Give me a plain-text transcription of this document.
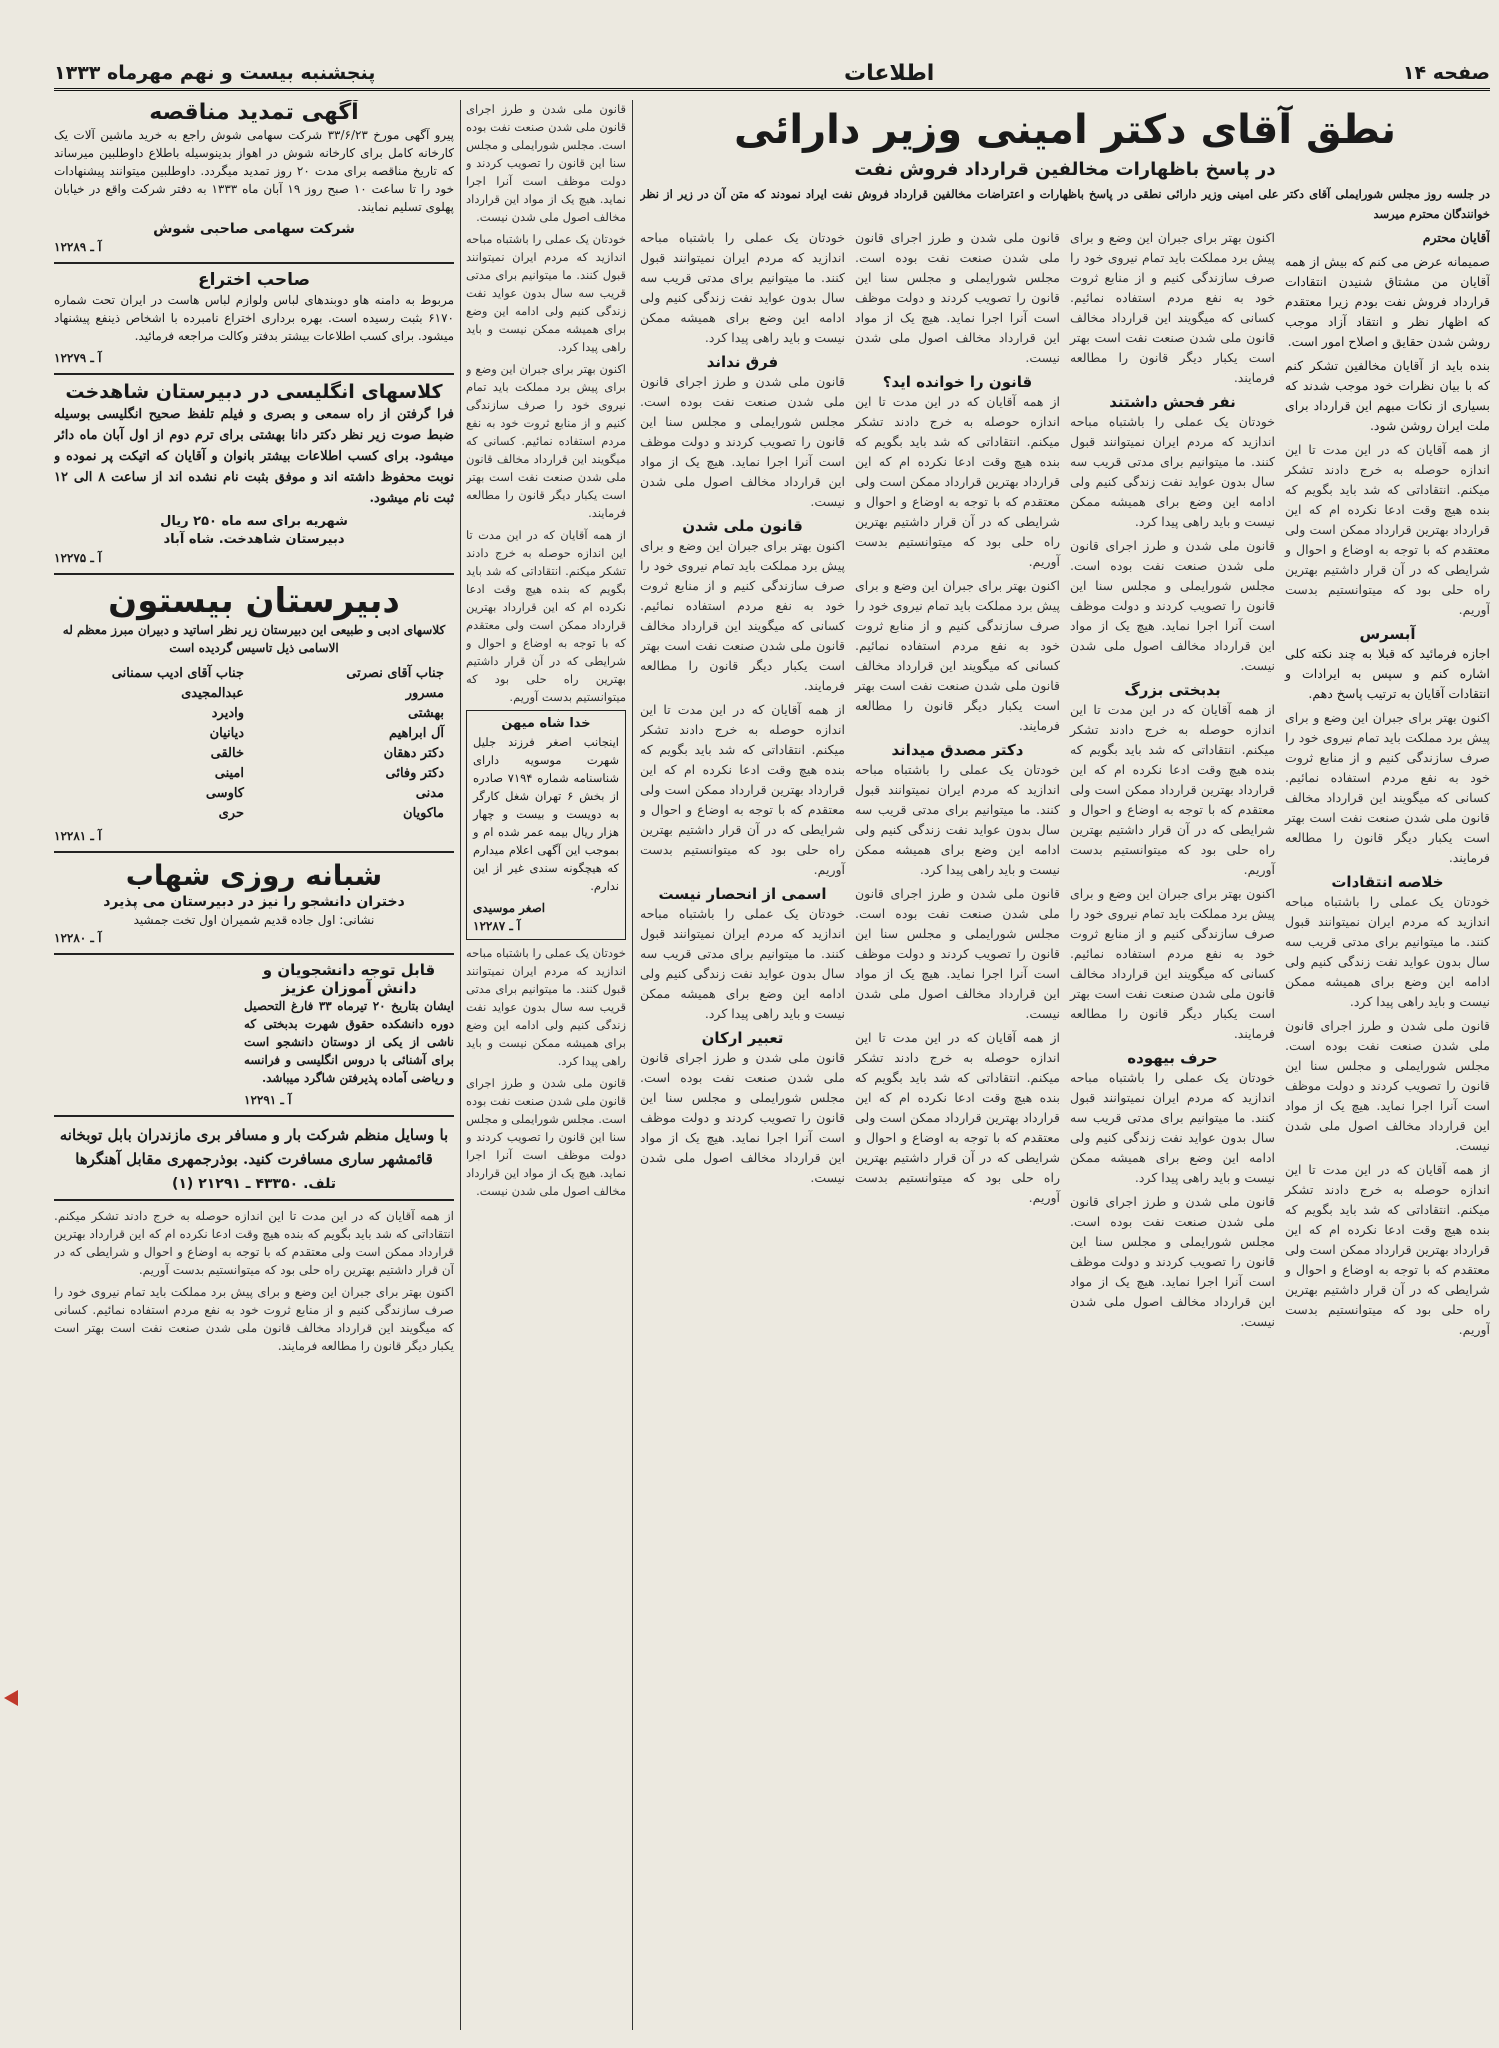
صفحه ۱۴
اطلاعات
پنجشنبه بیست و نهم مهرماه ۱۳۳۳
نطق آقای دکتر امینی وزیر دارائی
در پاسخ باظهارات مخالفین قرارداد فروش نفت

در جلسه روز مجلس شورایملی آقای دکتر علی امینی وزیر دارائی نطقی در پاسخ باظهارات و اعتراضات مخالفین قرارداد فروش نفت ایراد نمودند که متن آن در زیر از نظر خوانندگان محترم میرسد

آقایان محترم

صمیمانه عرض می کنم که بیش از همه آقایان من مشتاق شنیدن انتقادات قرارداد فروش نفت بودم زیرا معتقدم که اظهار نظر و انتقاد آزاد موجب روشن شدن حقایق و اصلاح امور است.

بنده باید از آقایان مخالفین تشکر کنم که با بیان نظرات خود موجب شدند که بسیاری از نکات مبهم این قرارداد برای ملت ایران روشن شود.

از همه آقایان که در این مدت تا این اندازه حوصله به خرج دادند تشکر میکنم. انتقاداتی که شد باید بگویم که بنده هیچ وقت ادعا نکرده ام که این قرارداد بهترین قرارداد ممکن است ولی معتقدم که با توجه به اوضاع و احوال و شرایطی که در آن قرار داشتیم بهترین راه حلی بود که میتوانستیم بدست آوریم.

آبسرس

اجازه فرمائید که قبلا به چند نکته کلی اشاره کنم و سپس به ایرادات و انتقادات آقایان به ترتیب پاسخ دهم.

اکنون بهتر برای جبران این وضع و برای پیش برد مملکت باید تمام نیروی خود را صرف سازندگی کنیم و از منابع ثروت خود به نفع مردم استفاده نمائیم. کسانی که میگویند این قرارداد مخالف قانون ملی شدن صنعت نفت است بهتر است یکبار دیگر قانون را مطالعه فرمایند.

خلاصه انتقادات

خودتان یک عملی را باشتباه مباحه اندازید که مردم ایران نمیتوانند قبول کنند. ما میتوانیم برای مدتی قریب سه سال بدون عواید نفت زندگی کنیم ولی ادامه این وضع برای همیشه ممکن نیست و باید راهی پیدا کرد.

قانون ملی شدن و طرز اجرای قانون ملی شدن صنعت نفت بوده است. مجلس شورایملی و مجلس سنا این قانون را تصویب کردند و دولت موظف است آنرا اجرا نماید. هیچ یک از مواد این قرارداد مخالف اصول ملی شدن نیست.

از همه آقایان که در این مدت تا این اندازه حوصله به خرج دادند تشکر میکنم. انتقاداتی که شد باید بگویم که بنده هیچ وقت ادعا نکرده ام که این قرارداد بهترین قرارداد ممکن است ولی معتقدم که با توجه به اوضاع و احوال و شرایطی که در آن قرار داشتیم بهترین راه حلی بود که میتوانستیم بدست آوریم.

اکنون بهتر برای جبران این وضع و برای پیش برد مملکت باید تمام نیروی خود را صرف سازندگی کنیم و از منابع ثروت خود به نفع مردم استفاده نمائیم. کسانی که میگویند این قرارداد مخالف قانون ملی شدن صنعت نفت است بهتر است یکبار دیگر قانون را مطالعه فرمایند.

نفر فحش داشتند

خودتان یک عملی را باشتباه مباحه اندازید که مردم ایران نمیتوانند قبول کنند. ما میتوانیم برای مدتی قریب سه سال بدون عواید نفت زندگی کنیم ولی ادامه این وضع برای همیشه ممکن نیست و باید راهی پیدا کرد.

قانون ملی شدن و طرز اجرای قانون ملی شدن صنعت نفت بوده است. مجلس شورایملی و مجلس سنا این قانون را تصویب کردند و دولت موظف است آنرا اجرا نماید. هیچ یک از مواد این قرارداد مخالف اصول ملی شدن نیست.

بدبختی بزرگ

از همه آقایان که در این مدت تا این اندازه حوصله به خرج دادند تشکر میکنم. انتقاداتی که شد باید بگویم که بنده هیچ وقت ادعا نکرده ام که این قرارداد بهترین قرارداد ممکن است ولی معتقدم که با توجه به اوضاع و احوال و شرایطی که در آن قرار داشتیم بهترین راه حلی بود که میتوانستیم بدست آوریم.

اکنون بهتر برای جبران این وضع و برای پیش برد مملکت باید تمام نیروی خود را صرف سازندگی کنیم و از منابع ثروت خود به نفع مردم استفاده نمائیم. کسانی که میگویند این قرارداد مخالف قانون ملی شدن صنعت نفت است بهتر است یکبار دیگر قانون را مطالعه فرمایند.

حرف بیهوده

خودتان یک عملی را باشتباه مباحه اندازید که مردم ایران نمیتوانند قبول کنند. ما میتوانیم برای مدتی قریب سه سال بدون عواید نفت زندگی کنیم ولی ادامه این وضع برای همیشه ممکن نیست و باید راهی پیدا کرد.

قانون ملی شدن و طرز اجرای قانون ملی شدن صنعت نفت بوده است. مجلس شورایملی و مجلس سنا این قانون را تصویب کردند و دولت موظف است آنرا اجرا نماید. هیچ یک از مواد این قرارداد مخالف اصول ملی شدن نیست.

قانون ملی شدن و طرز اجرای قانون ملی شدن صنعت نفت بوده است. مجلس شورایملی و مجلس سنا این قانون را تصویب کردند و دولت موظف است آنرا اجرا نماید. هیچ یک از مواد این قرارداد مخالف اصول ملی شدن نیست.

قانون را خوانده اید؟

از همه آقایان که در این مدت تا این اندازه حوصله به خرج دادند تشکر میکنم. انتقاداتی که شد باید بگویم که بنده هیچ وقت ادعا نکرده ام که این قرارداد بهترین قرارداد ممکن است ولی معتقدم که با توجه به اوضاع و احوال و شرایطی که در آن قرار داشتیم بهترین راه حلی بود که میتوانستیم بدست آوریم.

اکنون بهتر برای جبران این وضع و برای پیش برد مملکت باید تمام نیروی خود را صرف سازندگی کنیم و از منابع ثروت خود به نفع مردم استفاده نمائیم. کسانی که میگویند این قرارداد مخالف قانون ملی شدن صنعت نفت است بهتر است یکبار دیگر قانون را مطالعه فرمایند.

دکتر مصدق میداند

خودتان یک عملی را باشتباه مباحه اندازید که مردم ایران نمیتوانند قبول کنند. ما میتوانیم برای مدتی قریب سه سال بدون عواید نفت زندگی کنیم ولی ادامه این وضع برای همیشه ممکن نیست و باید راهی پیدا کرد.

قانون ملی شدن و طرز اجرای قانون ملی شدن صنعت نفت بوده است. مجلس شورایملی و مجلس سنا این قانون را تصویب کردند و دولت موظف است آنرا اجرا نماید. هیچ یک از مواد این قرارداد مخالف اصول ملی شدن نیست.

از همه آقایان که در این مدت تا این اندازه حوصله به خرج دادند تشکر میکنم. انتقاداتی که شد باید بگویم که بنده هیچ وقت ادعا نکرده ام که این قرارداد بهترین قرارداد ممکن است ولی معتقدم که با توجه به اوضاع و احوال و شرایطی که در آن قرار داشتیم بهترین راه حلی بود که میتوانستیم بدست آوریم.

خودتان یک عملی را باشتباه مباحه اندازید که مردم ایران نمیتوانند قبول کنند. ما میتوانیم برای مدتی قریب سه سال بدون عواید نفت زندگی کنیم ولی ادامه این وضع برای همیشه ممکن نیست و باید راهی پیدا کرد.

فرق نداند

قانون ملی شدن و طرز اجرای قانون ملی شدن صنعت نفت بوده است. مجلس شورایملی و مجلس سنا این قانون را تصویب کردند و دولت موظف است آنرا اجرا نماید. هیچ یک از مواد این قرارداد مخالف اصول ملی شدن نیست.

قانون ملی شدن

اکنون بهتر برای جبران این وضع و برای پیش برد مملکت باید تمام نیروی خود را صرف سازندگی کنیم و از منابع ثروت خود به نفع مردم استفاده نمائیم. کسانی که میگویند این قرارداد مخالف قانون ملی شدن صنعت نفت است بهتر است یکبار دیگر قانون را مطالعه فرمایند.

از همه آقایان که در این مدت تا این اندازه حوصله به خرج دادند تشکر میکنم. انتقاداتی که شد باید بگویم که بنده هیچ وقت ادعا نکرده ام که این قرارداد بهترین قرارداد ممکن است ولی معتقدم که با توجه به اوضاع و احوال و شرایطی که در آن قرار داشتیم بهترین راه حلی بود که میتوانستیم بدست آوریم.

اسمی از انحصار نیست

خودتان یک عملی را باشتباه مباحه اندازید که مردم ایران نمیتوانند قبول کنند. ما میتوانیم برای مدتی قریب سه سال بدون عواید نفت زندگی کنیم ولی ادامه این وضع برای همیشه ممکن نیست و باید راهی پیدا کرد.

تعبیر ارکان

قانون ملی شدن و طرز اجرای قانون ملی شدن صنعت نفت بوده است. مجلس شورایملی و مجلس سنا این قانون را تصویب کردند و دولت موظف است آنرا اجرا نماید. هیچ یک از مواد این قرارداد مخالف اصول ملی شدن نیست.

قانون ملی شدن و طرز اجرای قانون ملی شدن صنعت نفت بوده است. مجلس شورایملی و مجلس سنا این قانون را تصویب کردند و دولت موظف است آنرا اجرا نماید. هیچ یک از مواد این قرارداد مخالف اصول ملی شدن نیست.

خودتان یک عملی را باشتباه مباحه اندازید که مردم ایران نمیتوانند قبول کنند. ما میتوانیم برای مدتی قریب سه سال بدون عواید نفت زندگی کنیم ولی ادامه این وضع برای همیشه ممکن نیست و باید راهی پیدا کرد.

اکنون بهتر برای جبران این وضع و برای پیش برد مملکت باید تمام نیروی خود را صرف سازندگی کنیم و از منابع ثروت خود به نفع مردم استفاده نمائیم. کسانی که میگویند این قرارداد مخالف قانون ملی شدن صنعت نفت است بهتر است یکبار دیگر قانون را مطالعه فرمایند.

از همه آقایان که در این مدت تا این اندازه حوصله به خرج دادند تشکر میکنم. انتقاداتی که شد باید بگویم که بنده هیچ وقت ادعا نکرده ام که این قرارداد بهترین قرارداد ممکن است ولی معتقدم که با توجه به اوضاع و احوال و شرایطی که در آن قرار داشتیم بهترین راه حلی بود که میتوانستیم بدست آوریم.

خدا شاه میهن

اینجانب اصغر فرزند جلیل شهرت موسویه دارای شناسنامه شماره ۷۱۹۴ صادره از بخش ۶ تهران شغل کارگر به دویست و بیست و چهار هزار ریال بیمه عمر شده ام و بموجب این آگهی اعلام میدارم که هیچگونه سندی غیر از این ندارم.

اصغر موسیدی
آ ـ ۱۲۲۸۷

خودتان یک عملی را باشتباه مباحه اندازید که مردم ایران نمیتوانند قبول کنند. ما میتوانیم برای مدتی قریب سه سال بدون عواید نفت زندگی کنیم ولی ادامه این وضع برای همیشه ممکن نیست و باید راهی پیدا کرد.

قانون ملی شدن و طرز اجرای قانون ملی شدن صنعت نفت بوده است. مجلس شورایملی و مجلس سنا این قانون را تصویب کردند و دولت موظف است آنرا اجرا نماید. هیچ یک از مواد این قرارداد مخالف اصول ملی شدن نیست.

آگهی تمدید مناقصه

پیرو آگهی مورخ ۳۳/۶/۲۳ شرکت سهامی شوش راجع به خرید ماشین آلات یک کارخانه کامل برای کارخانه شوش در اهواز بدینوسیله باطلاع داوطلبین میرساند که تاریخ مناقصه برای مدت ۲۰ روز تمدید میگردد. داوطلبین میتوانند پیشنهادات خود را تا ساعت ۱۰ صبح روز ۱۹ آبان ماه ۱۳۳۳ به دفتر شرکت واقع در خیابان پهلوی تسلیم نمایند.

شرکت سهامی صاحبی شوش
آ ـ ۱۲۲۸۹
صاحب اختراع

مربوط به دامنه هاو دوبندهای لباس ولوازم لباس هاست در ایران تحت شماره ۶۱۷۰ بثبت رسیده است. بهره برداری اختراع نامبرده با اشخاص ذینفع پیشنهاد میشود. برای کسب اطلاعات بیشتر بدفتر وکالت مراجعه فرمائید.

آ ـ ۱۲۲۷۹
کلاسهای انگلیسی در دبیرستان شاهدخت

فرا گرفتن از راه سمعی و بصری و فیلم تلفظ صحیح انگلیسی بوسیله ضبط صوت زیر نظر دکتر دانا بهشتی برای ترم دوم از اول آبان ماه دائر میشود. برای کسب اطلاعات بیشتر بانوان و آقایان که اتیکت پر نموده و نوبت محفوظ داشته اند و موفق بثبت نام نشده اند از ساعت ۸ الی ۱۲ ثبت نام میشود.

شهریه برای سه ماه ۲۵۰ ریال
دبیرستان شاهدخت. شاه آباد
آ ـ ۱۲۲۷۵
دبیرستان بیستون

کلاسهای ادبی و طبیعی این دبیرستان زیر نظر اساتید و دبیران مبرز معظم له الاسامی ذیل تاسیس گردیده است

جناب آقای نصرتی
جناب آقای ادیب سمنانی
مسرور
عبدالمجیدی
بهشتی
وادیرد
آل ابراهیم
دیانیان
دکتر دهقان
خالقی
دکتر وفائی
امینی
مدنی
کاوسی
ماکویان
حری
آ ـ ۱۲۲۸۱
شبانه روزی شهاب
دختران دانشجو را نیز در دبیرستان می پذیرد
نشانی: اول جاده قدیم شمیران اول تخت جمشید
آ ـ ۱۲۲۸۰
قابل توجه دانشجویان و دانش آموزان عزیز

ایشان بتاریخ ۲۰ تیرماه ۳۳ فارغ التحصیل دوره دانشکده حقوق شهرت بدبختی که ناشی از یکی از دوستان دانشجو است برای آشنائی با دروس انگلیسی و فرانسه و ریاضی آماده پذیرفتن شاگرد میباشد.

آ ـ ۱۲۲۹۱

با وسایل منظم شرکت بار و مسافر بری مازندران بابل توبخانه قائمشهر ساری مسافرت کنید. بوذرجمهری مقابل آهنگرها

تلف. ۴۳۳۵۰ ـ ۲۱۲۹۱ (۱)

از همه آقایان که در این مدت تا این اندازه حوصله به خرج دادند تشکر میکنم. انتقاداتی که شد باید بگویم که بنده هیچ وقت ادعا نکرده ام که این قرارداد بهترین قرارداد ممکن است ولی معتقدم که با توجه به اوضاع و احوال و شرایطی که در آن قرار داشتیم بهترین راه حلی بود که میتوانستیم بدست آوریم.

اکنون بهتر برای جبران این وضع و برای پیش برد مملکت باید تمام نیروی خود را صرف سازندگی کنیم و از منابع ثروت خود به نفع مردم استفاده نمائیم. کسانی که میگویند این قرارداد مخالف قانون ملی شدن صنعت نفت است بهتر است یکبار دیگر قانون را مطالعه فرمایند.
